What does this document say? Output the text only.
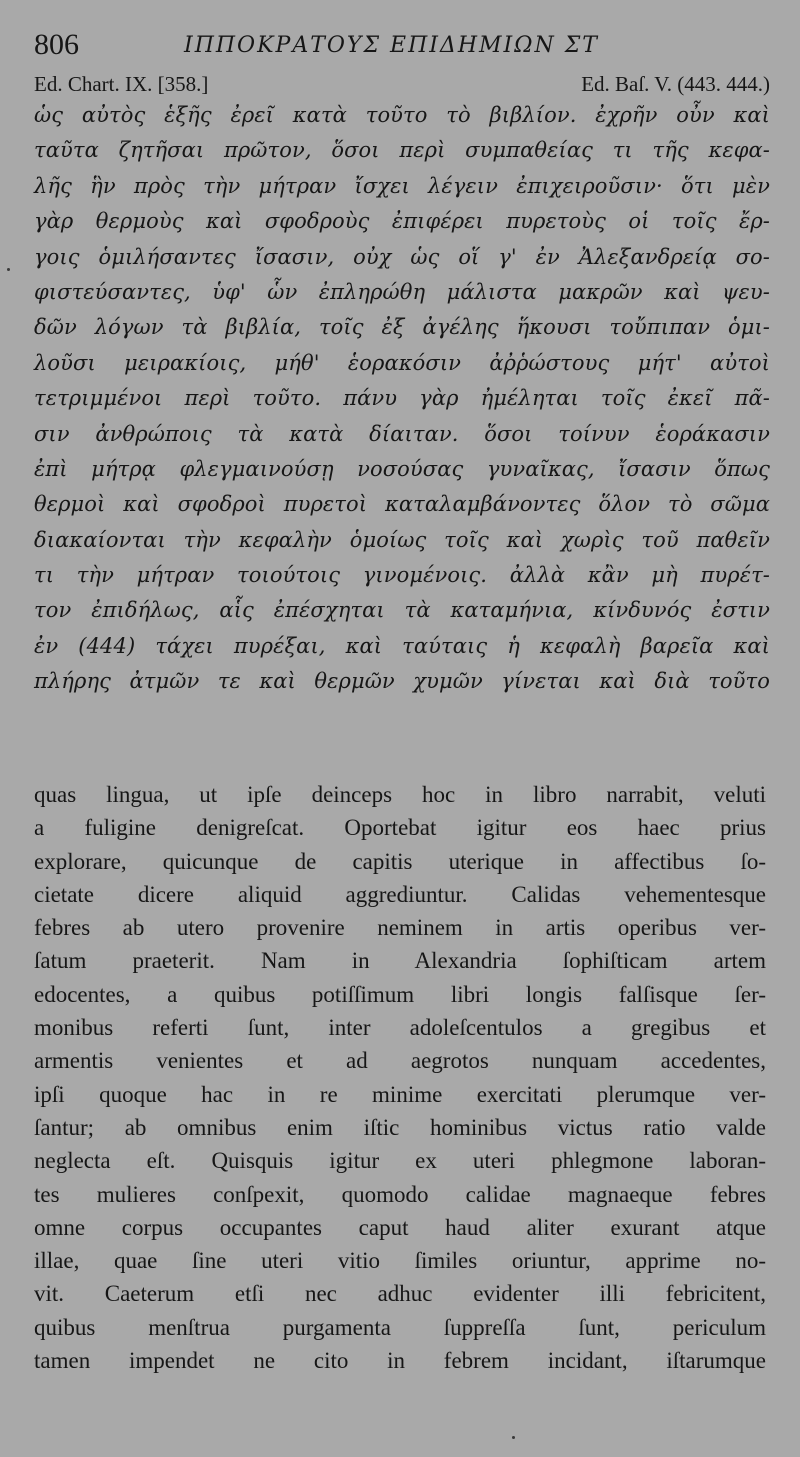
806	ΙΠΠΟΚΡΑΤΟΥΣ ΕΠΙΔΗΜΙΩΝ ΣΤ
Ed. Chart. IX. [358.]	Ed. Baſ. V. (443. 444.)
ὡς αὐτὸς ἑξῆς ἐρεῖ κατὰ τοῦτο τὸ βιβλίον. ἐχρῆν οὖν καὶ
ταῦτα ζητῆσαι πρῶτον, ὅσοι περὶ συμπαθείας τι τῆς κεφα-
λῆς ἣν πρὸς τὴν μήτραν ἴσχει λέγειν ἐπιχειροῦσιν· ὅτι μὲν
γὰρ θερμοὺς καὶ σφοδροὺς ἐπιφέρει πυρετοὺς οἱ τοῖς ἔρ-
γοις ὁμιλήσαντες ἴσασιν, οὐχ ὡς οἵ γ' ἐν Ἀλεξανδρείᾳ σο-
φιστεύσαντες, ὑφ' ὧν ἐπληρώθη μάλιστα μακρῶν καὶ ψευ-
δῶν λόγων τὰ βιβλία, τοῖς ἐξ ἀγέλης ἥκουσι τοὔπιπαν ὁμι-
λοῦσι μειρακίοις, μήθ' ἑορακόσιν ἀῤῥώστους μήτ' αὐτοὶ
τετριμμένοι περὶ τοῦτο. πάνυ γὰρ ἠμέληται τοῖς ἐκεῖ πᾶ-
σιν ἀνθρώποις τὰ κατὰ δίαιταν. ὅσοι τοίνυν ἑοράκασιν
ἐπὶ μήτρᾳ φλεγμαινούσῃ νοσούσας γυναῖκας, ἴσασιν ὅπως
θερμοὶ καὶ σφοδροὶ πυρετοὶ καταλαμβάνοντες ὅλον τὸ σῶμα
διακαίονται τὴν κεφαλὴν ὁμοίως τοῖς καὶ χωρὶς τοῦ παθεῖν
τι τὴν μήτραν τοιούτοις γινομένοις. ἀλλὰ κἂν μὴ πυρέτ-
τον ἐπιδήλως, αἷς ἐπέσχηται τὰ καταμήνια, κίνδυνός ἐστιν
ἐν (444) τάχει πυρέξαι, καὶ ταύταις ἡ κεφαλὴ βαρεῖα καὶ
πλήρης ἀτμῶν τε καὶ θερμῶν χυμῶν γίνεται καὶ διὰ τοῦτο
quas lingua, ut ipſe deinceps hoc in libro narrabit, veluti
a fuligine denigreſcat. Oportebat igitur eos haec prius
explorare, quicunque de capitis uterique in affectibus ſo-
cietate dicere aliquid aggrediuntur. Calidas vehementesque
febres ab utero provenire neminem in artis operibus ver-
ſatum praeterit. Nam in Alexandria ſophiſticam artem
edocentes, a quibus potiſſimum libri longis falſisque ſer-
monibus referti ſunt, inter adoleſcentulos a gregibus et
armentis venientes et ad aegrotos nunquam accedentes,
ipſi quoque hac in re minime exercitati plerumque ver-
ſantur; ab omnibus enim iſtic hominibus victus ratio valde
neglecta eſt. Quisquis igitur ex uteri phlegmone laboran-
tes mulieres conſpexit, quomodo calidae magnaeque febres
omne corpus occupantes caput haud aliter exurant atque
illae, quae ſine uteri vitio ſimiles oriuntur, apprime no-
vit. Caeterum etſi nec adhuc evidenter illi febricitent,
quibus menſtrua purgamenta ſuppreſſa ſunt, periculum
tamen impendet ne cito in febrem incidant, iſtarumque
